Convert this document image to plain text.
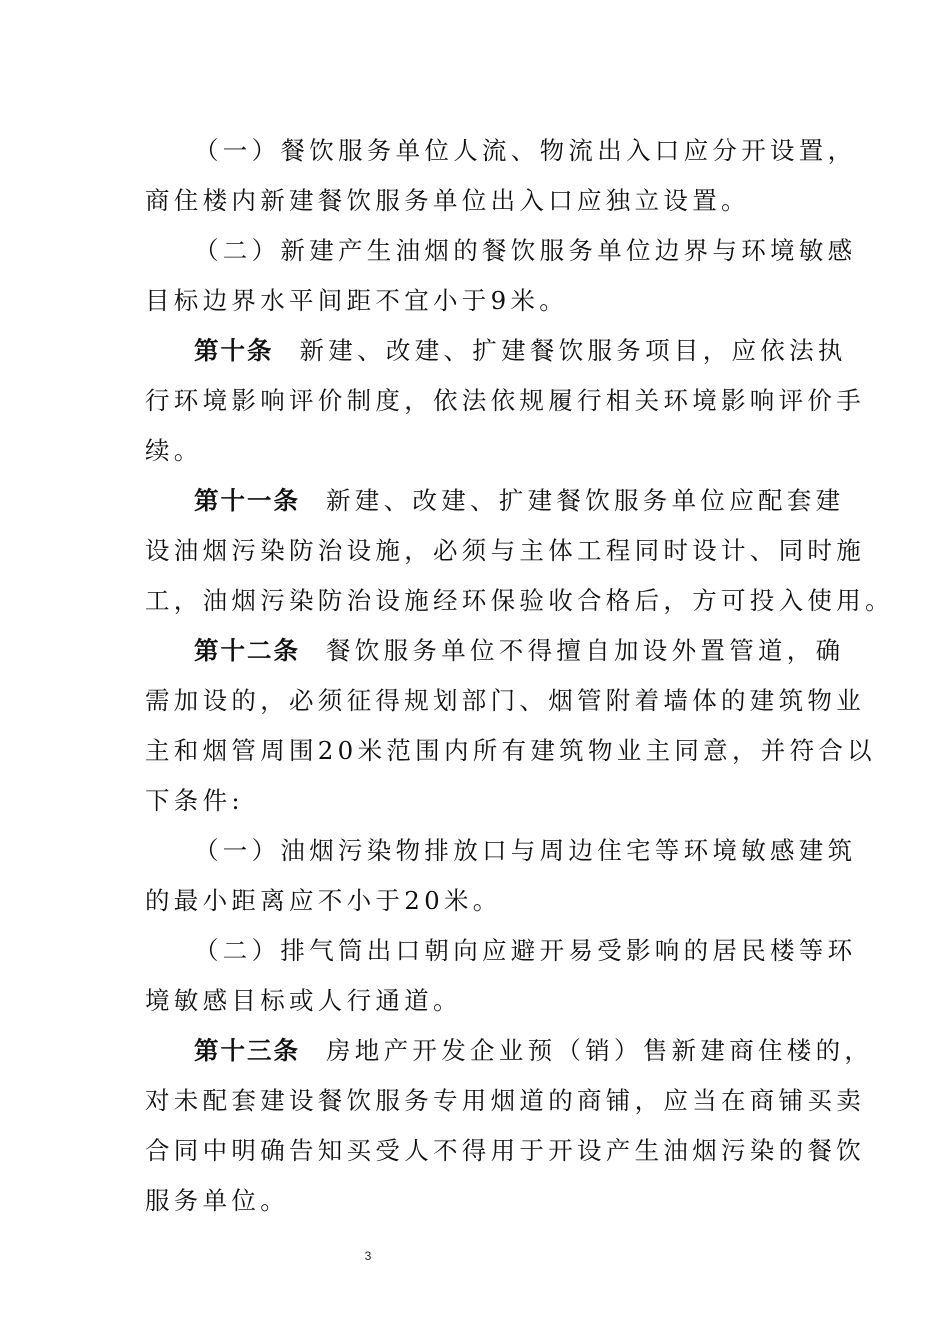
（一）餐饮服务单位人流、物流出入口应分开设置，
商住楼内新建餐饮服务单位出入口应独立设置。
（二）新建产生油烟的餐饮服务单位边界与环境敏感
目标边界水平间距不宜小于9米。
第十条 新建、改建、扩建餐饮服务项目，应依法执
行环境影响评价制度，依法依规履行相关环境影响评价手
续。
第十一条 新建、改建、扩建餐饮服务单位应配套建
设油烟污染防治设施，必须与主体工程同时设计、同时施
工，油烟污染防治设施经环保验收合格后，方可投入使用。
第十二条 餐饮服务单位不得擅自加设外置管道，确
需加设的，必须征得规划部门、烟管附着墙体的建筑物业
主和烟管周围20米范围内所有建筑物业主同意，并符合以
下条件:
（一）油烟污染物排放口与周边住宅等环境敏感建筑
的最小距离应不小于20米。
（二）排气筒出口朝向应避开易受影响的居民楼等环
境敏感目标或人行通道。
第十三条 房地产开发企业预（销）售新建商住楼的，
对未配套建设餐饮服务专用烟道的商铺，应当在商铺买卖
合同中明确告知买受人不得用于开设产生油烟污染的餐饮
服务单位。
3
